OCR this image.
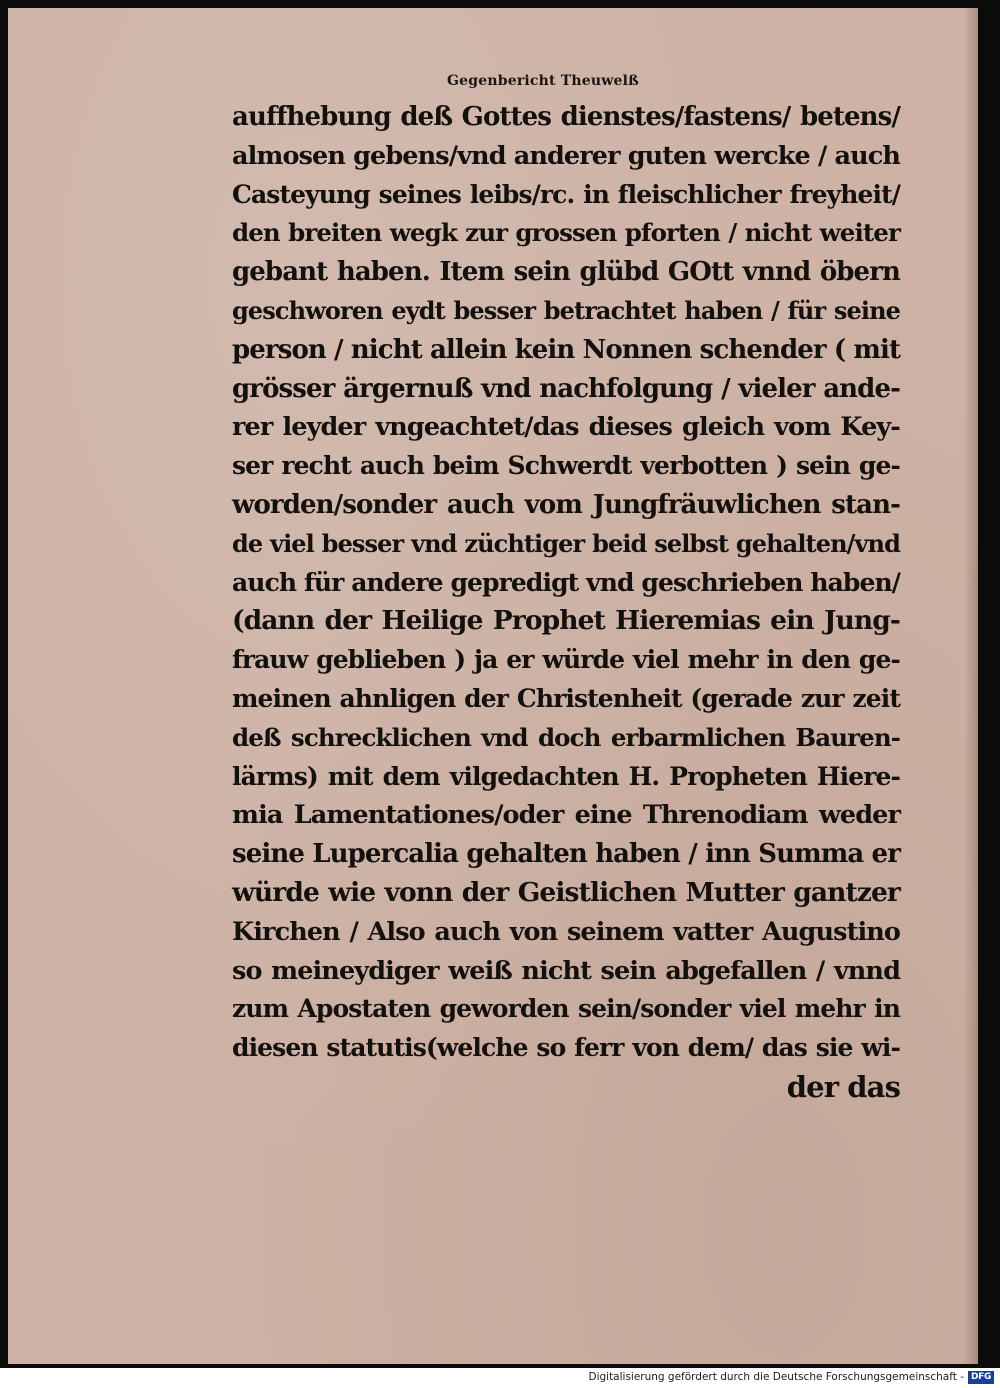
Gegenbericht Theuwelß
auffhebung deß Gottes dienstes/fastens/ betens/
almosen gebens/vnd anderer guten wercke / auch
Casteyung seines leibs/rc. in fleischlicher freyheit/
den breiten wegk zur grossen pforten / nicht weiter
gebant haben. Item sein glübd GOtt vnnd öbern
geschworen eydt besser betrachtet haben / für seine
person / nicht allein kein Nonnen schender ( mit
grösser ärgernuß vnd nachfolgung / vieler ande-
rer leyder vngeachtet/das dieses gleich vom Key-
ser recht auch beim Schwerdt verbotten ) sein ge-
worden/sonder auch vom Jungfräuwlichen stan-
de viel besser vnd züchtiger beid selbst gehalten/vnd
auch für andere gepredigt vnd geschrieben haben/
(dann der Heilige Prophet Hieremias ein Jung-
frauw geblieben ) ja er würde viel mehr in den ge-
meinen ahnligen der Christenheit (gerade zur zeit
deß schrecklichen vnd doch erbarmlichen Bauren-
lärms) mit dem vilgedachten H. Propheten Hiere-
mia Lamentationes/oder eine Threnodiam weder
seine Lupercalia gehalten haben / inn Summa er
würde wie vonn der Geistlichen Mutter gantzer
Kirchen / Also auch von seinem vatter Augustino
so meineydiger weiß nicht sein abgefallen / vnnd
zum Apostaten geworden sein/sonder viel mehr in
diesen statutis(welche so ferr von dem/ das sie wi-
der das
Digitalisierung gefördert durch die Deutsche Forschungsgemeinschaft - DFG
